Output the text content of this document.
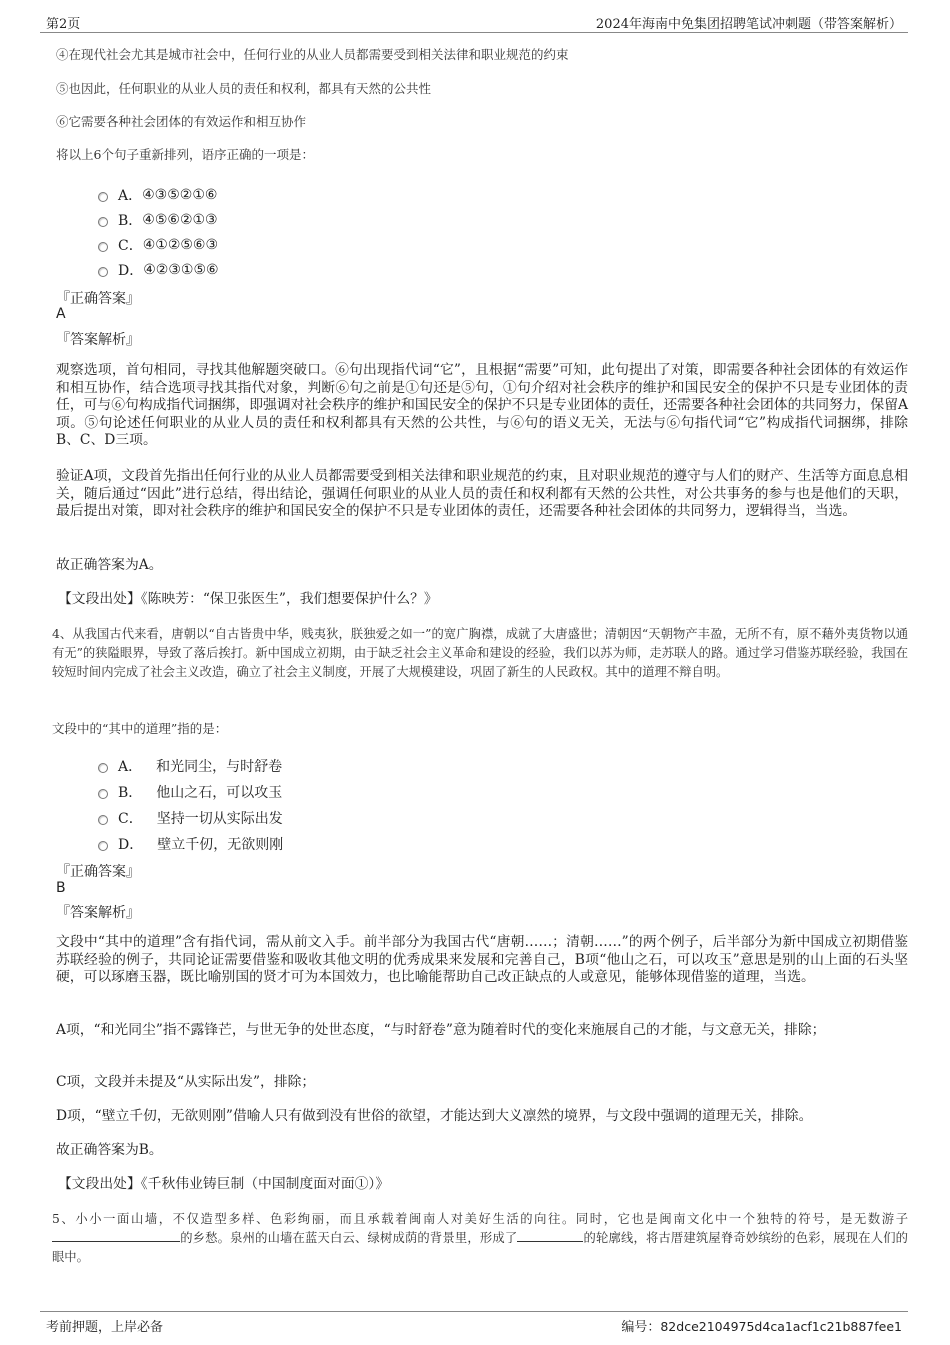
第2页	2024年海南中免集团招聘笔试冲刺题（带答案解析）
④在现代社会尤其是城市社会中，任何行业的从业人员都需要受到相关法律和职业规范的约束
⑤也因此，任何职业的从业人员的责任和权利，都具有天然的公共性
⑥它需要各种社会团体的有效运作和相互协作
将以上6个句子重新排列，语序正确的一项是：
A． ④③⑤②①⑥
B． ④⑤⑥②①③
C． ④①②⑤⑥③
D． ④②③①⑤⑥
『正确答案』
A
『答案解析』
观察选项，首句相同，寻找其他解题突破口。⑥句出现指代词“它”，且根据“需要”可知，此句提出了对策，即需要各种社会团体的有效运作和相互协作，结合选项寻找其指代对象，判断⑥句之前是①句还是⑤句，①句介绍对社会秩序的维护和国民安全的保护不只是专业团体的责任，可与⑥句构成指代词捆绑，即强调对社会秩序的维护和国民安全的保护不只是专业团体的责任，还需要各种社会团体的共同努力，保留A项。⑤句论述任何职业的从业人员的责任和权利都具有天然的公共性，与⑥句的语义无关，无法与⑥句指代词“它”构成指代词捆绑，排除B、C、D三项。
验证A项，文段首先指出任何行业的从业人员都需要受到相关法律和职业规范的约束，且对职业规范的遵守与人们的财产、生活等方面息息相关，随后通过“因此”进行总结，得出结论，强调任何职业的从业人员的责任和权利都有天然的公共性，对公共事务的参与也是他们的天职，最后提出对策，即对社会秩序的维护和国民安全的保护不只是专业团体的责任，还需要各种社会团体的共同努力，逻辑得当，当选。
故正确答案为A。
【文段出处】《陈映芳：“保卫张医生”，我们想要保护什么？》
4、从我国古代来看，唐朝以“自古皆贵中华，贱夷狄，朕独爱之如一”的宽广胸襟，成就了大唐盛世；清朝因“天朝物产丰盈，无所不有，原不藉外夷货物以通有无”的狭隘眼界，导致了落后挨打。新中国成立初期，由于缺乏社会主义革命和建设的经验，我们以苏为师，走苏联人的路。通过学习借鉴苏联经验，我国在较短时间内完成了社会主义改造，确立了社会主义制度，开展了大规模建设，巩固了新生的人民政权。其中的道理不辩自明。
文段中的“其中的道理”指的是：
A． 和光同尘，与时舒卷
B． 他山之石，可以攻玉
C． 坚持一切从实际出发
D． 壁立千仞，无欲则刚
『正确答案』
B
『答案解析』
文段中“其中的道理”含有指代词，需从前文入手。前半部分为我国古代“唐朝……；清朝……”的两个例子，后半部分为新中国成立初期借鉴苏联经验的例子，共同论证需要借鉴和吸收其他文明的优秀成果来发展和完善自己，B项“他山之石，可以攻玉”意思是别的山上面的石头坚硬，可以琢磨玉器，既比喻别国的贤才可为本国效力，也比喻能帮助自己改正缺点的人或意见，能够体现借鉴的道理，当选。
A项，“和光同尘”指不露锋芒，与世无争的处世态度，“与时舒卷”意为随着时代的变化来施展自己的才能，与文意无关，排除；
C项，文段并未提及“从实际出发”，排除；
D项，“壁立千仞，无欲则刚”借喻人只有做到没有世俗的欲望，才能达到大义凛然的境界，与文段中强调的道理无关，排除。
故正确答案为B。
【文段出处】《千秋伟业铸巨制（中国制度面对面①）》
5、小小一面山墙，不仅造型多样、色彩绚丽，而且承载着闽南人对美好生活的向往。同时，它也是闽南文化中一个独特的符号，是无数游子的乡愁。泉州的山墙在蓝天白云、绿树成荫的背景里，形成了	的轮廓线，将古厝建筑屋脊奇妙缤纷的色彩，展现在人们的眼中。
考前押题，上岸必备	编号：82dce2104975d4ca1acf1c21b887fee1
